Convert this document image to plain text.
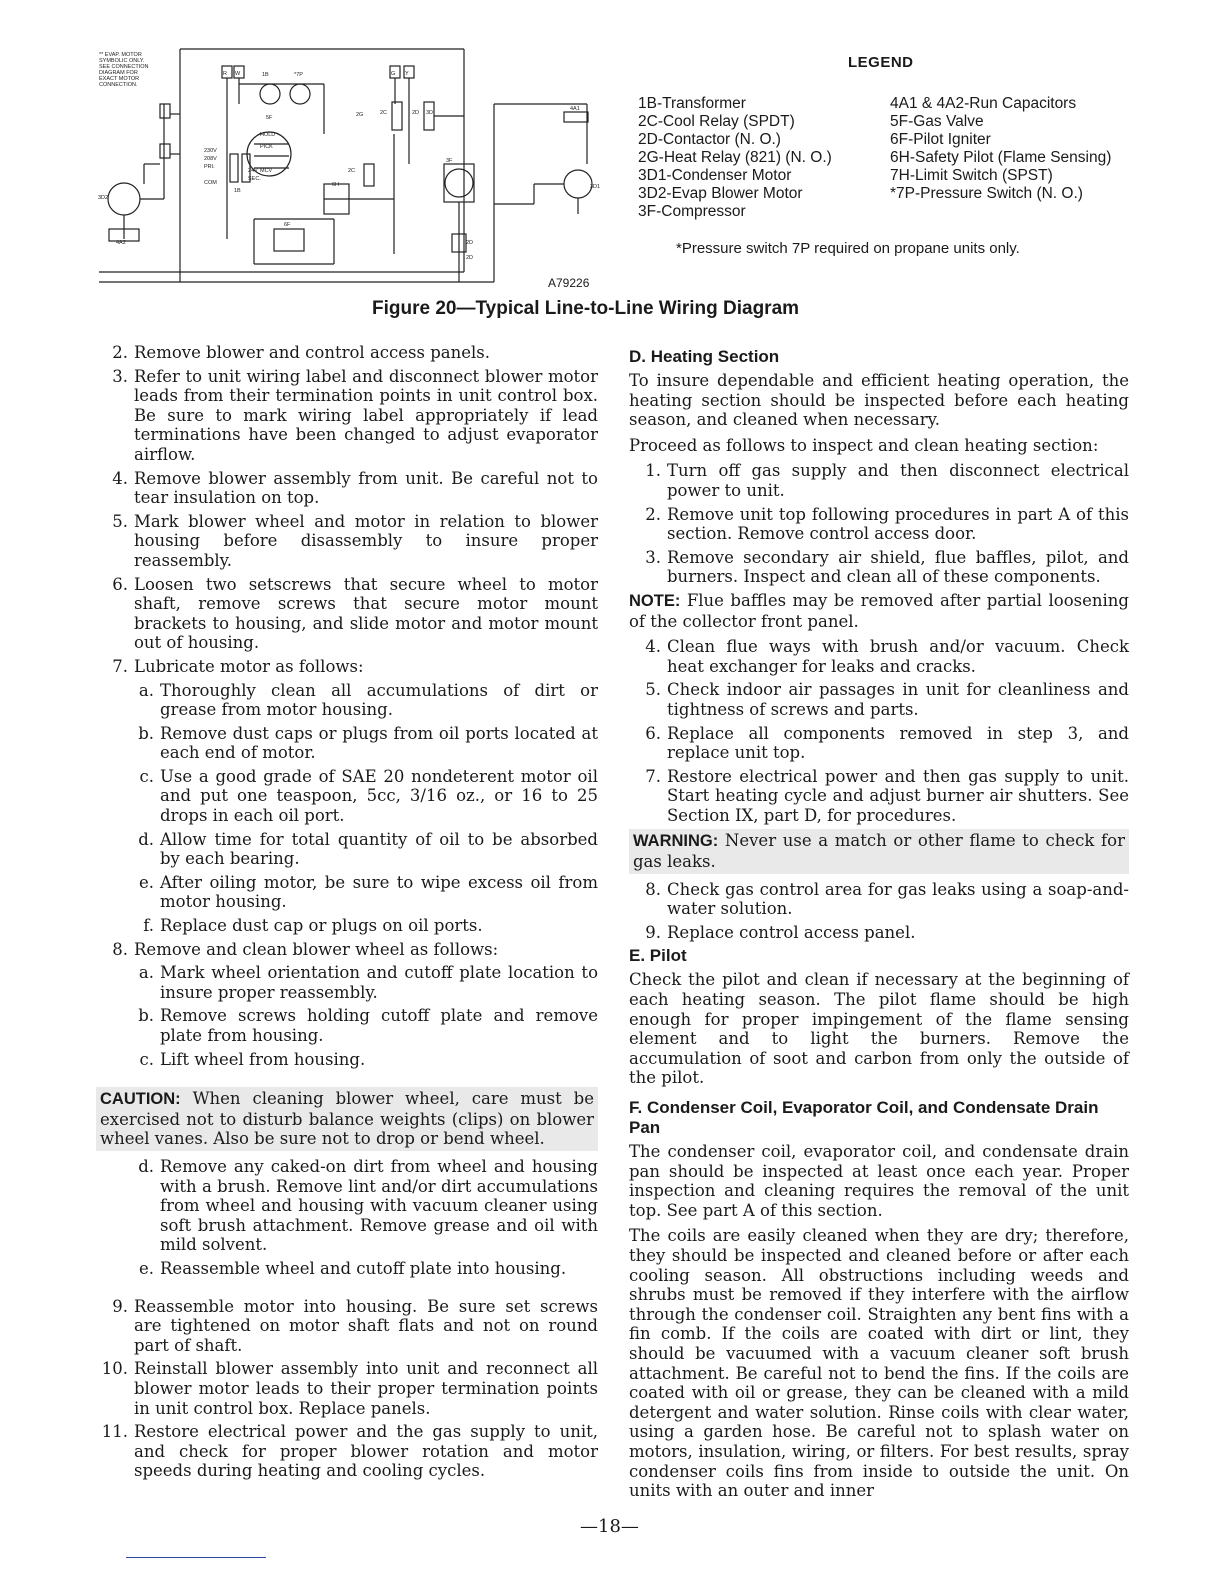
** EVAP. MOTOR
SYMBOLIC ONLY.
SEE CONNECTION
DIAGRAM FOR
EXACT MOTOR
CONNECTION.
R W	G Y
1B	*7P
5F
HOLD
PICK
MCV
2C	2D 3D
4A1
2G
230V
208V
PRI.
COM
24V
SEC.
1B
6H
6F
3F
3D1
3D2
4A2
2C
2D
2D
A79226
LEGEND
1B-Transformer
2C-Cool Relay (SPDT)
2D-Contactor (N. O.)
2G-Heat Relay (821) (N. O.)
3D1-Condenser Motor
3D2-Evap Blower Motor
3F-Compressor
4A1 & 4A2-Run Capacitors
5F-Gas Valve
6F-Pilot Igniter
6H-Safety Pilot (Flame Sensing)
7H-Limit Switch (SPST)
*7P-Pressure Switch (N. O.)
*Pressure switch 7P required on propane units only.
Figure 20—Typical Line-to-Line Wiring Diagram
2. Remove blower and control access panels.
3. Refer to unit wiring label and disconnect blower motor leads from their termination points in unit control box. Be sure to mark wiring label appropriately if lead terminations have been changed to adjust evaporator airflow.
4. Remove blower assembly from unit. Be careful not to tear insulation on top.
5. Mark blower wheel and motor in relation to blower housing before disassembly to insure proper reassembly.
6. Loosen two setscrews that secure wheel to motor shaft, remove screws that secure motor mount brackets to housing, and slide motor and motor mount out of housing.
7. Lubricate motor as follows:
a. Thoroughly clean all accumulations of dirt or grease from motor housing.
b. Remove dust caps or plugs from oil ports located at each end of motor.
c. Use a good grade of SAE 20 nondeterent motor oil and put one teaspoon, 5cc, 3/16 oz., or 16 to 25 drops in each oil port.
d. Allow time for total quantity of oil to be absorbed by each bearing.
e. After oiling motor, be sure to wipe excess oil from motor housing.
f. Replace dust cap or plugs on oil ports.
8. Remove and clean blower wheel as follows:
a. Mark wheel orientation and cutoff plate location to insure proper reassembly.
b. Remove screws holding cutoff plate and remove plate from housing.
c. Lift wheel from housing.
CAUTION: When cleaning blower wheel, care must be exercised not to disturb balance weights (clips) on blower wheel vanes. Also be sure not to drop or bend wheel.
d. Remove any caked-on dirt from wheel and housing with a brush. Remove lint and/or dirt accumulations from wheel and housing with vacuum cleaner using soft brush attachment. Remove grease and oil with mild solvent.
e. Reassemble wheel and cutoff plate into housing.
9. Reassemble motor into housing. Be sure set screws are tightened on motor shaft flats and not on round part of shaft.
10. Reinstall blower assembly into unit and reconnect all blower motor leads to their proper termination points in unit control box. Replace panels.
11. Restore electrical power and the gas supply to unit, and check for proper blower rotation and motor speeds during heating and cooling cycles.
D. Heating Section

To insure dependable and efficient heating operation, the heating section should be inspected before each heating season, and cleaned when necessary.

Proceed as follows to inspect and clean heating section:

1. Turn off gas supply and then disconnect electrical power to unit.
2. Remove unit top following procedures in part A of this section. Remove control access door.
3. Remove secondary air shield, flue baffles, pilot, and burners. Inspect and clean all of these components.

NOTE: Flue baffles may be removed after partial loosening of the collector front panel.

4. Clean flue ways with brush and/or vacuum. Check heat exchanger for leaks and cracks.
5. Check indoor air passages in unit for cleanliness and tightness of screws and parts.
6. Replace all components removed in step 3, and replace unit top.
7. Restore electrical power and then gas supply to unit. Start heating cycle and adjust burner air shutters. See Section IX, part D, for procedures.
WARNING: Never use a match or other flame to check for gas leaks.
8. Check gas control area for gas leaks using a soap-and-water solution.
9. Replace control access panel.
E. Pilot

Check the pilot and clean if necessary at the beginning of each heating season. The pilot flame should be high enough for proper impingement of the flame sensing element and to light the burners. Remove the accumulation of soot and carbon from only the outside of the pilot.

F. Condenser Coil, Evaporator Coil, and Condensate Drain Pan

The condenser coil, evaporator coil, and condensate drain pan should be inspected at least once each year. Proper inspection and cleaning requires the removal of the unit top. See part A of this section.

The coils are easily cleaned when they are dry; therefore, they should be inspected and cleaned before or after each cooling season. All obstructions including weeds and shrubs must be removed if they interfere with the airflow through the condenser coil. Straighten any bent fins with a fin comb. If the coils are coated with dirt or lint, they should be vacuumed with a vacuum cleaner soft brush attachment. Be careful not to bend the fins. If the coils are coated with oil or grease, they can be cleaned with a mild detergent and water solution. Rinse coils with clear water, using a garden hose. Be careful not to splash water on motors, insulation, wiring, or filters. For best results, spray condenser coils fins from inside to outside the unit. On units with an outer and inner

—18—
